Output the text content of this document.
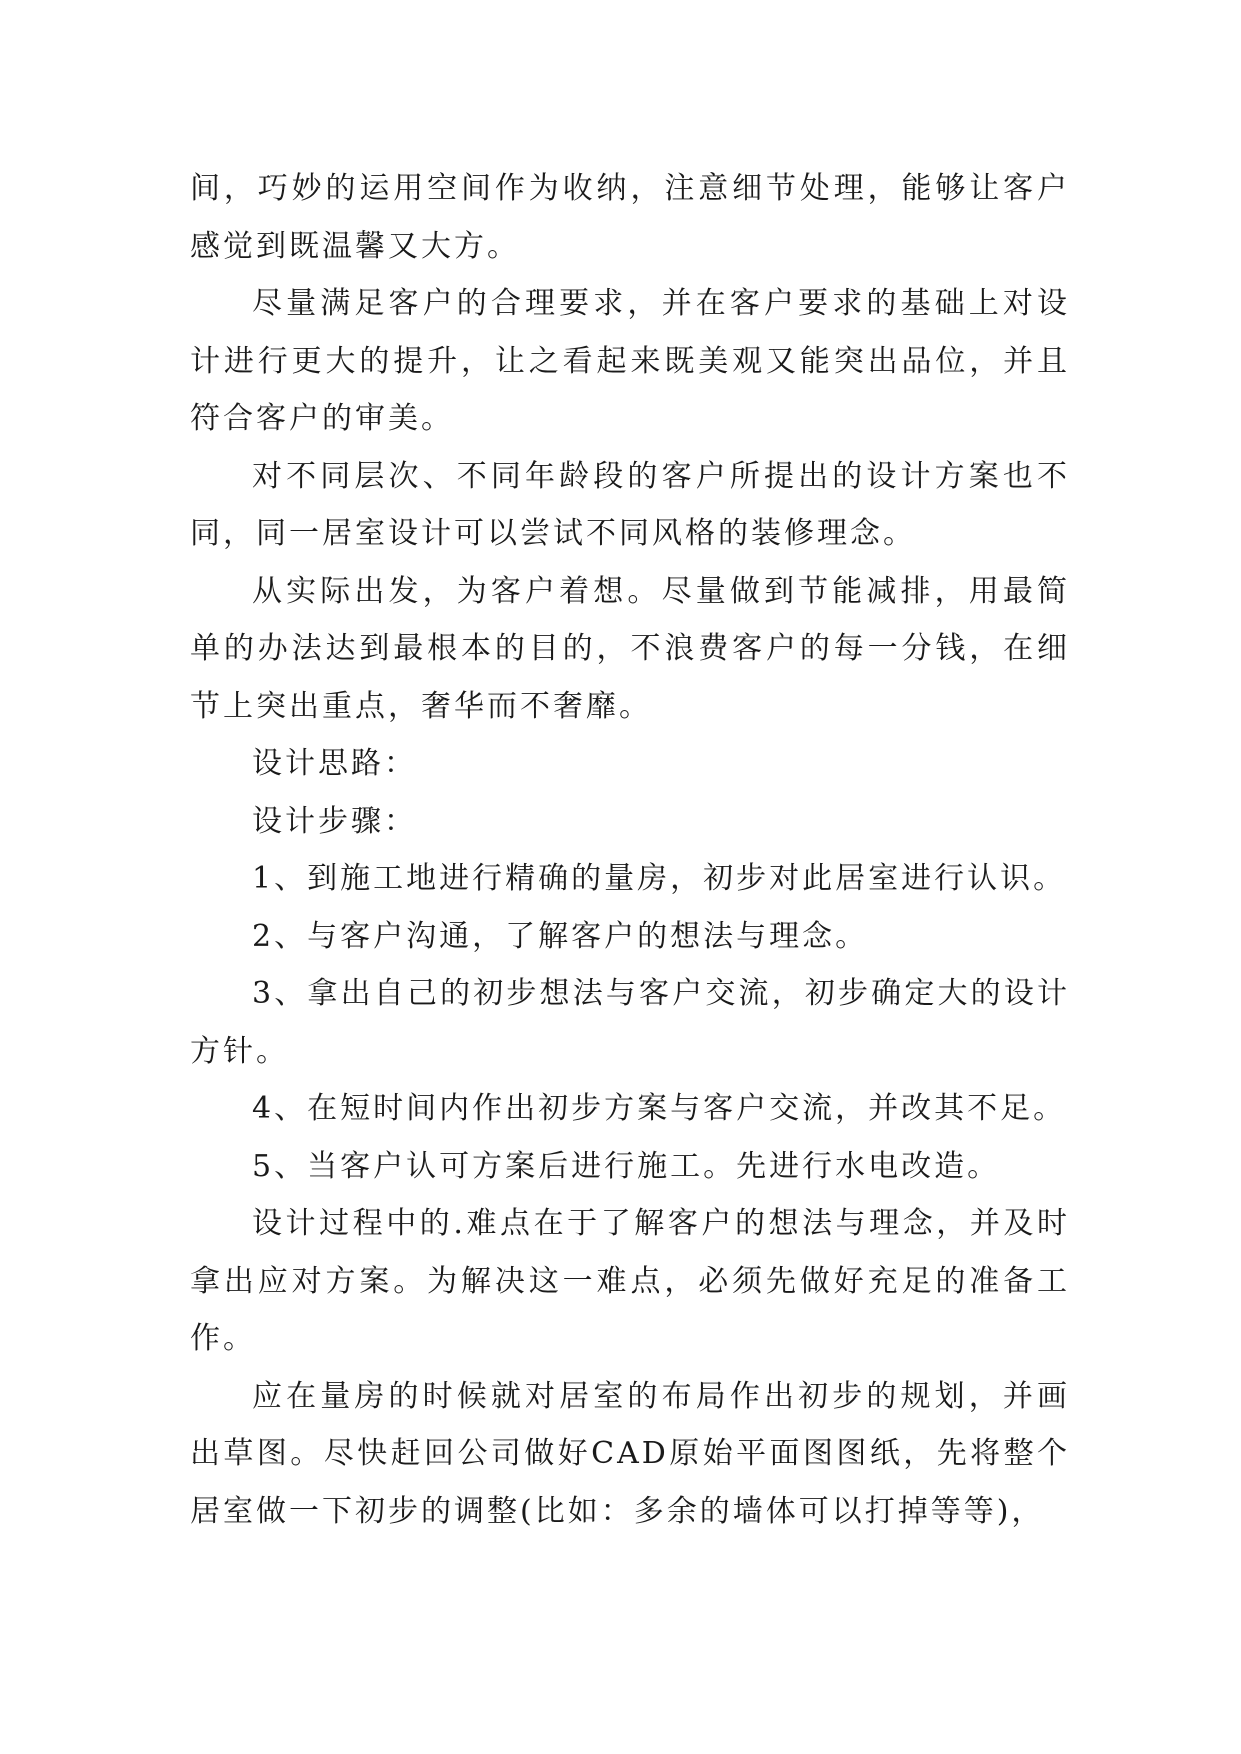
间，巧妙的运用空间作为收纳，注意细节处理，能够让客户感觉到既温馨又大方。

尽量满足客户的合理要求，并在客户要求的基础上对设计进行更大的提升，让之看起来既美观又能突出品位，并且符合客户的审美。

对不同层次、不同年龄段的客户所提出的设计方案也不同，同一居室设计可以尝试不同风格的装修理念。

从实际出发，为客户着想。尽量做到节能减排，用最简单的办法达到最根本的目的，不浪费客户的每一分钱，在细节上突出重点，奢华而不奢靡。

设计思路：

设计步骤：

1、到施工地进行精确的量房，初步对此居室进行认识。

2、与客户沟通，了解客户的想法与理念。

3、拿出自己的初步想法与客户交流，初步确定大的设计方针。

4、在短时间内作出初步方案与客户交流，并改其不足。

5、当客户认可方案后进行施工。先进行水电改造。

设计过程中的.难点在于了解客户的想法与理念，并及时拿出应对方案。为解决这一难点，必须先做好充足的准备工作。

应在量房的时候就对居室的布局作出初步的规划，并画出草图。尽快赶回公司做好CAD原始平面图图纸，先将整个居室做一下初步的调整(比如：多余的墙体可以打掉等等)，
